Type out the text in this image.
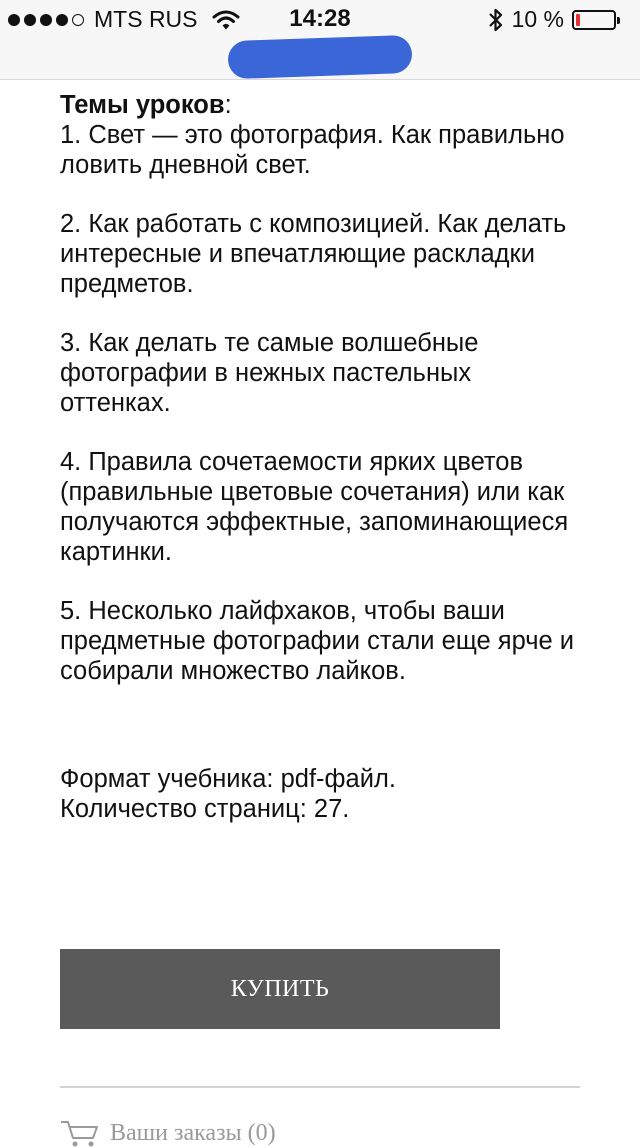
MTS RUS	14:28	10 %

Темы уроков:

1. Свет — это фотография. Как правильно ловить дневной свет.

2. Как работать с композицией. Как делать интересные и впечатляющие раскладки предметов.

3. Как делать те самые волшебные фотографии в нежных пастельных оттенках.

4. Правила сочетаемости ярких цветов (правильные цветовые сочетания) или как получаются эффектные, запоминающиеся картинки.

5. Несколько лайфхаков, чтобы ваши предметные фотографии стали еще ярче и собирали множество лайков.

Формат учебника: pdf-файл.

Количество страниц: 27.

КУПИТЬ
Ваши заказы (0)
